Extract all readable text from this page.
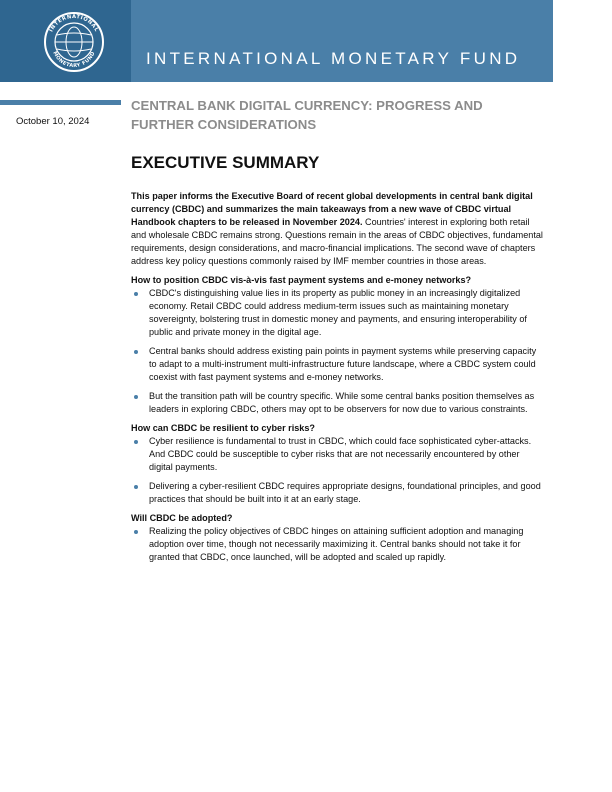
INTERNATIONAL
MONETARY FUND	INTERNATIONAL MONETARY FUND
October 10, 2024
CENTRAL BANK DIGITAL CURRENCY: PROGRESS AND FURTHER CONSIDERATIONS
EXECUTIVE SUMMARY

This paper informs the Executive Board of recent global developments in central bank digital currency (CBDC) and summarizes the main takeaways from a new wave of CBDC virtual Handbook chapters to be released in November 2024. Countries' interest in exploring both retail and wholesale CBDC remains strong. Questions remain in the areas of CBDC objectives, fundamental requirements, design considerations, and macro-financial implications. The second wave of chapters address key policy questions commonly raised by IMF member countries in those areas.

How to position CBDC vis-à-vis fast payment systems and e-money networks?

CBDC's distinguishing value lies in its property as public money in an increasingly digitalized economy. Retail CBDC could address medium-term issues such as maintaining monetary sovereignty, bolstering trust in domestic money and payments, and ensuring interoperability of public and private money in the digital age.
Central banks should address existing pain points in payment systems while preserving capacity to adapt to a multi-instrument multi-infrastructure future landscape, where a CBDC system could coexist with fast payment systems and e-money networks.
But the transition path will be country specific. While some central banks position themselves as leaders in exploring CBDC, others may opt to be observers for now due to various constraints.

How can CBDC be resilient to cyber risks?

Cyber resilience is fundamental to trust in CBDC, which could face sophisticated cyber-attacks. And CBDC could be susceptible to cyber risks that are not necessarily encountered by other digital payments.
Delivering a cyber-resilient CBDC requires appropriate designs, foundational principles, and good practices that should be built into it at an early stage.

Will CBDC be adopted?

Realizing the policy objectives of CBDC hinges on attaining sufficient adoption and managing adoption over time, though not necessarily maximizing it. Central banks should not take it for granted that CBDC, once launched, will be adopted and scaled up rapidly.
